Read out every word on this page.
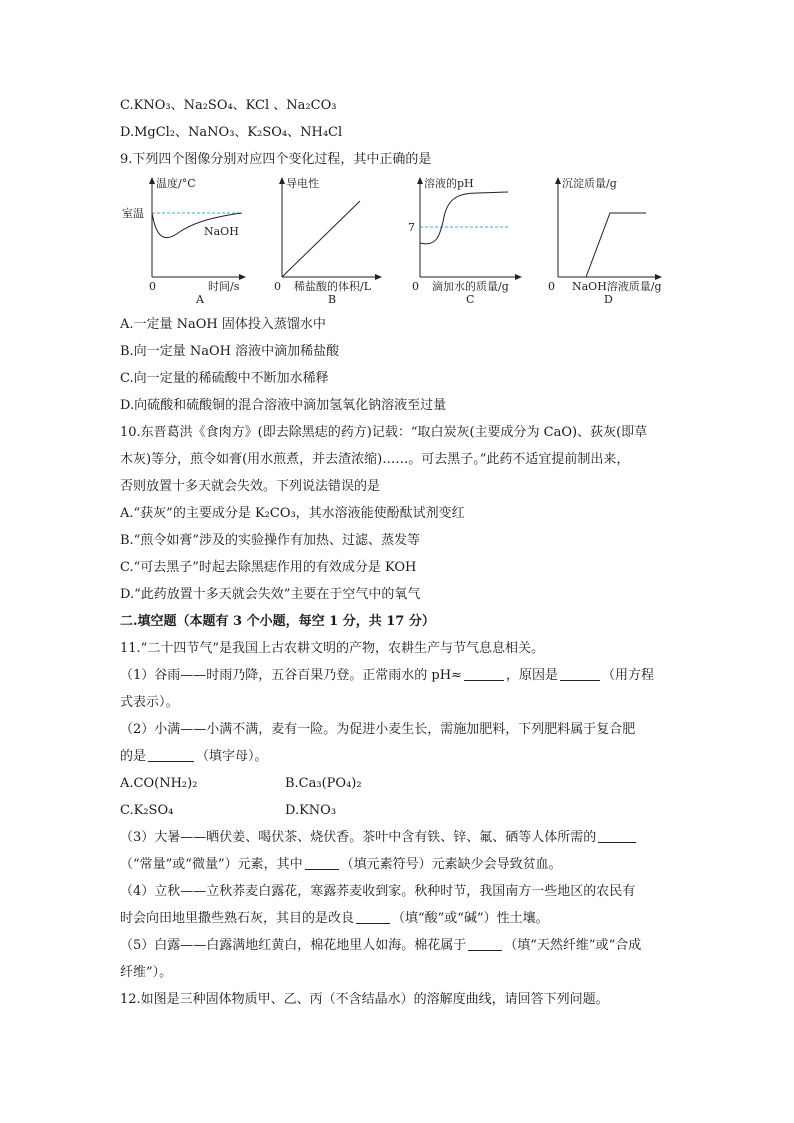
C.KNO₃、Na₂SO₄、KCl 、Na₂CO₃
D.MgCl₂、NaNO₃、K₂SO₄、NH₄Cl
9.下列四个图像分别对应四个变化过程，其中正确的是
温度/°C
室温
NaOH
0	时间/s
A
导电性
0 稀盐酸的体积/L
B
溶液的pH
7
0 滴加水的质量/g
C
沉淀质量/g
0 NaOH溶液质量/g
D
A.一定量 NaOH 固体投入蒸馏水中
B.向一定量 NaOH 溶液中滴加稀盐酸
C.向一定量的稀硫酸中不断加水稀释
D.向硫酸和硫酸铜的混合溶液中滴加氢氧化钠溶液至过量
10.东晋葛洪《食肉方》(即去除黑痣的药方)记载：“取白炭灰(主要成分为 CaO)、荻灰(即草
木灰)等分，煎令如膏(用水煎煮，并去渣浓缩)……。可去黑子。”此药不适宜提前制出来，
否则放置十多天就会失效。下列说法错误的是
A.“获灰”的主要成分是 K₂CO₃，其水溶液能使酚酞试剂变红
B.“煎令如膏”涉及的实验操作有加热、过滤、蒸发等
C.“可去黑子”时起去除黑痣作用的有效成分是 KOH
D.“此药放置十多天就会失效”主要在于空气中的氧气
二.填空题（本题有 3 个小题，每空 1 分，共 17 分）
11.“二十四节气”是我国上古农耕文明的产物，农耕生产与节气息息相关。
（1）谷雨——时雨乃降，五谷百果乃登。正常雨水的 pH≈	，原因是	（用方程
式表示）。
（2）小满——小满不满，麦有一险。为促进小麦生长，需施加肥料，下列肥料属于复合肥
的是	（填字母）。
A.CO(NH₂)₂	B.Ca₃(PO₄)₂
C.K₂SO₄	D.KNO₃
（3）大暑——晒伏姜、喝伏茶、烧伏香。茶叶中含有铁、锌、氟、硒等人体所需的
（“常量”或“微量”）元素，其中	（填元素符号）元素缺少会导致贫血。
（4）立秋——立秋荞麦白露花，寒露荞麦收到家。秋种时节，我国南方一些地区的农民有
时会向田地里撒些熟石灰，其目的是改良	（填“酸”或“碱”）性土壤。
（5）白露——白露满地红黄白，棉花地里人如海。棉花属于	（填“天然纤维”或“合成
纤维”）。
12.如图是三种固体物质甲、乙、丙（不含结晶水）的溶解度曲线，请回答下列问题。
